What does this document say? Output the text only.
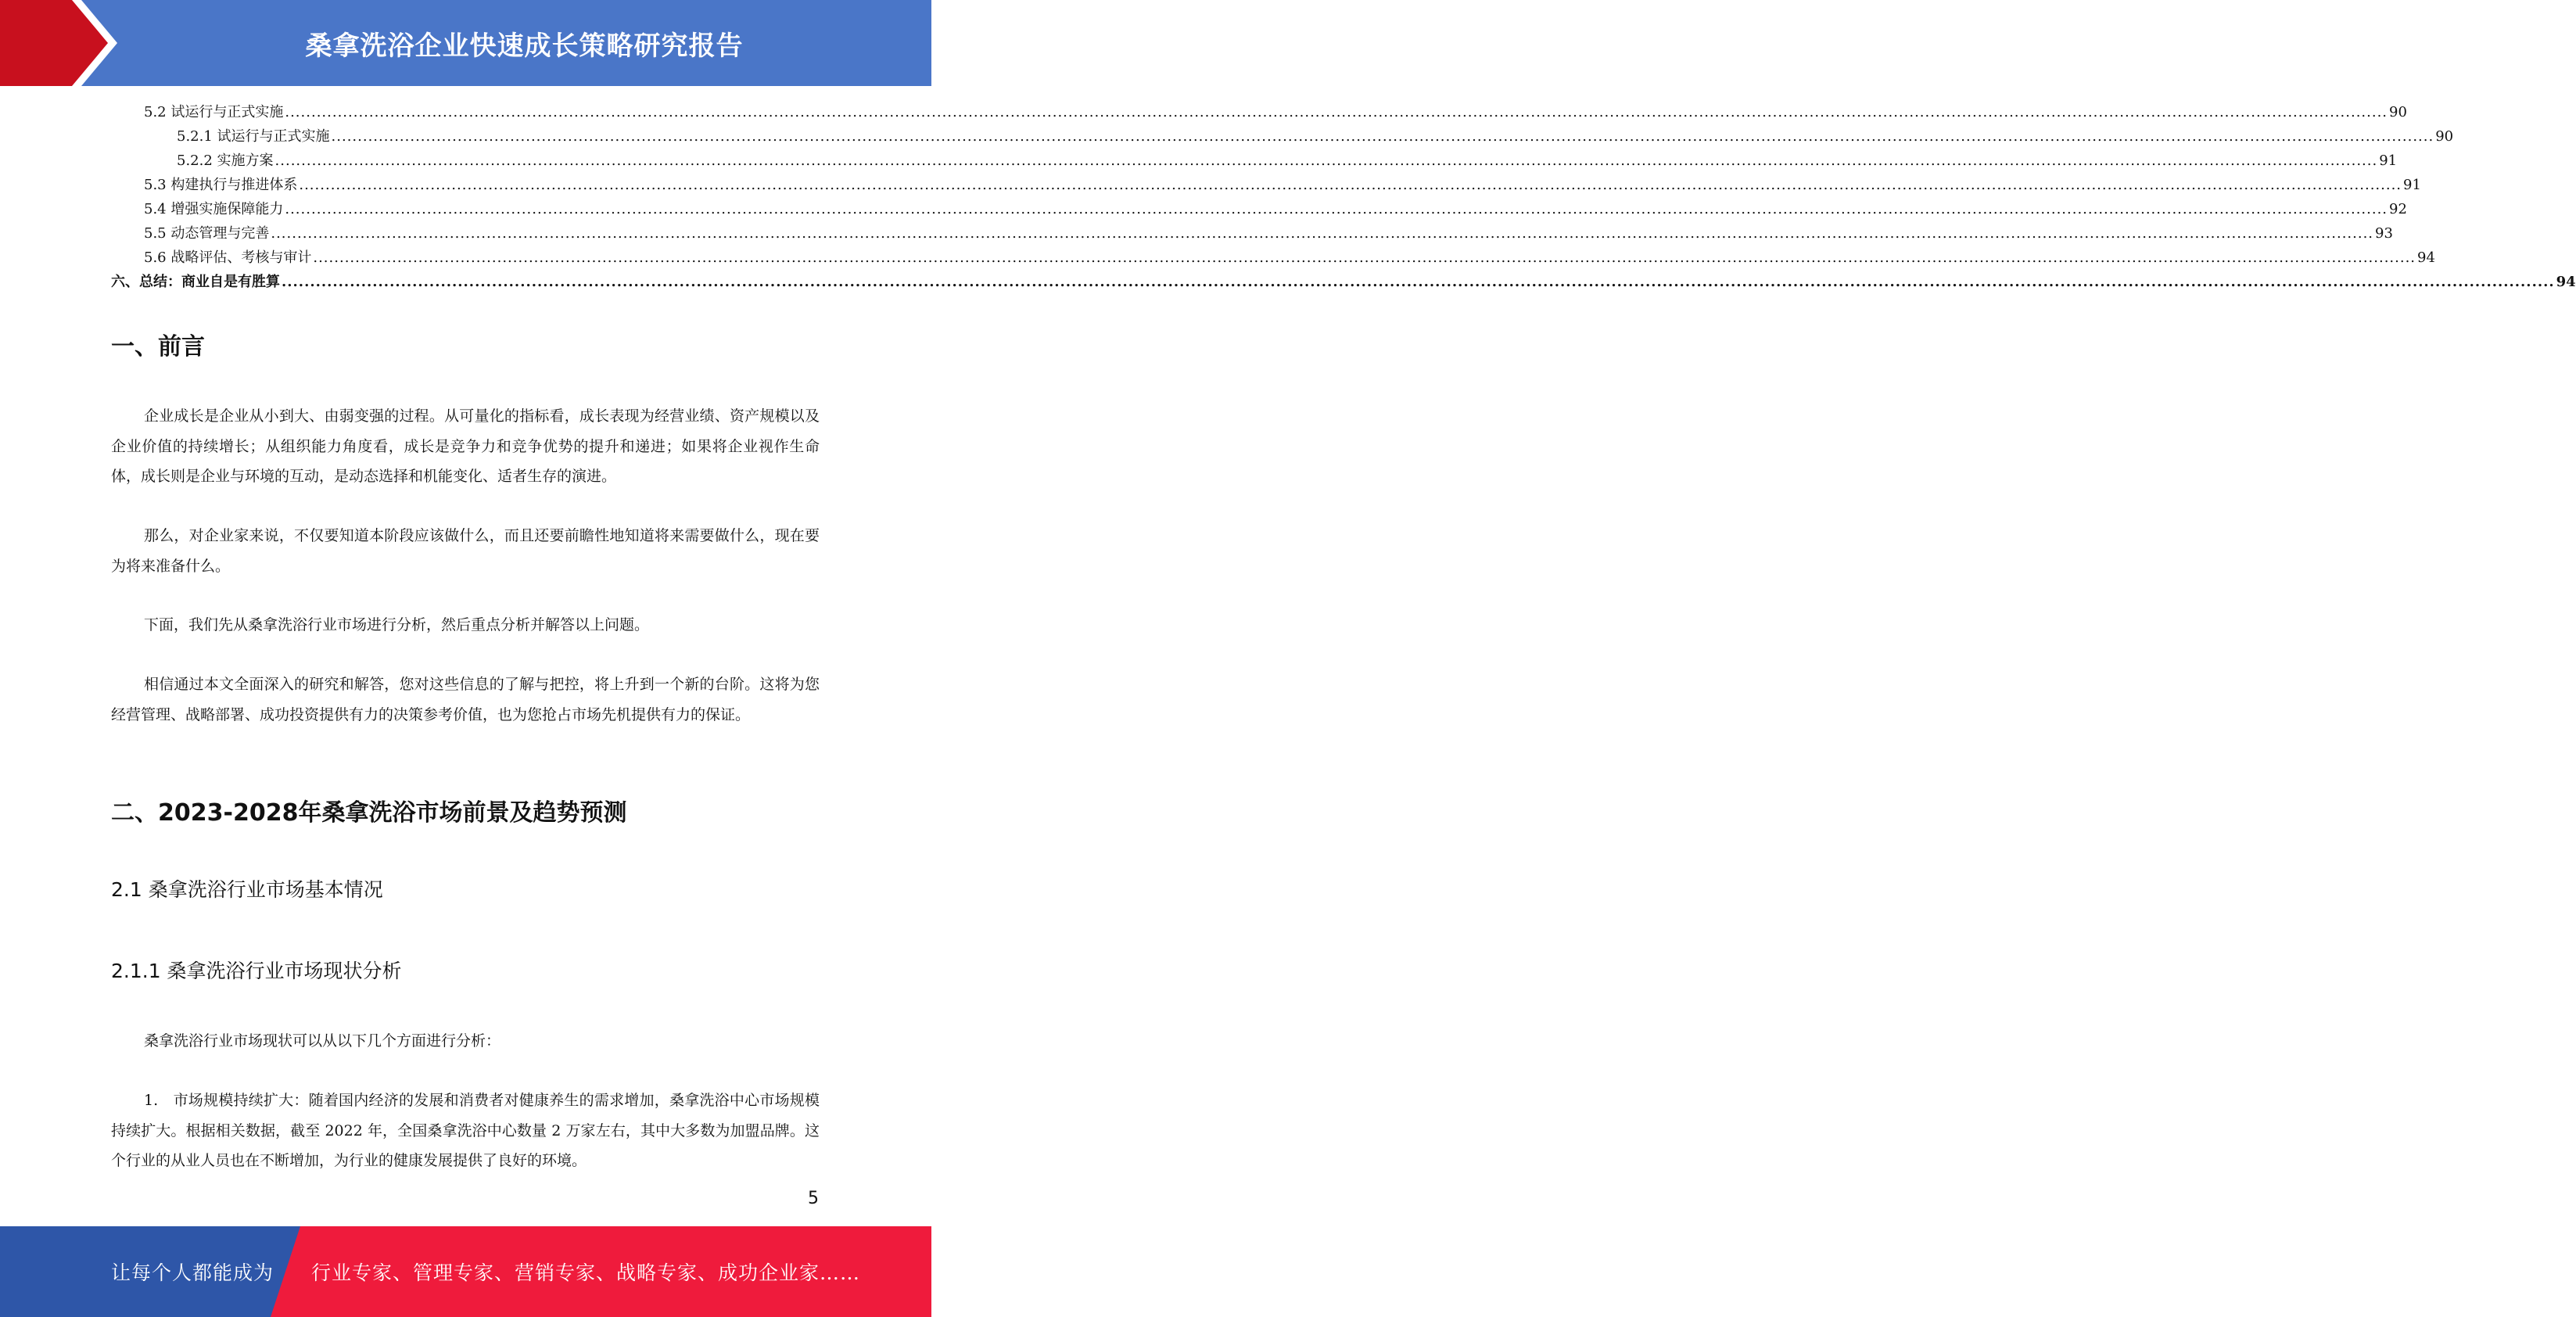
桑拿洗浴企业快速成长策略研究报告
5.2 试运行与正式实施 ................................................................................................................................................................................................................................................................................................................................................................................................................ 90
5.2.1 试运行与正式实施 ................................................................................................................................................................................................................................................................................................................................................................................................................ 90
5.2.2 实施方案 ................................................................................................................................................................................................................................................................................................................................................................................................................ 91
5.3 构建执行与推进体系 ................................................................................................................................................................................................................................................................................................................................................................................................................ 91
5.4 增强实施保障能力 ................................................................................................................................................................................................................................................................................................................................................................................................................ 92
5.5 动态管理与完善 ................................................................................................................................................................................................................................................................................................................................................................................................................ 93
5.6 战略评估、考核与审计 ................................................................................................................................................................................................................................................................................................................................................................................................................ 94
六、总结：商业自是有胜算 ................................................................................................................................................................................................................................................................................................................................................................................................................ 94
一、前言
企业成长是企业从小到大、由弱变强的过程。从可量化的指标看，成长表现为经营业绩、资产规模以及企业价值的持续增长；从组织能力角度看，成长是竞争力和竞争优势的提升和递进；如果将企业视作生命体，成长则是企业与环境的互动，是动态选择和机能变化、适者生存的演进。
那么，对企业家来说，不仅要知道本阶段应该做什么，而且还要前瞻性地知道将来需要做什么，现在要为将来准备什么。
下面，我们先从桑拿洗浴行业市场进行分析，然后重点分析并解答以上问题。
相信通过本文全面深入的研究和解答，您对这些信息的了解与把控，将上升到一个新的台阶。这将为您经营管理、战略部署、成功投资提供有力的决策参考价值，也为您抢占市场先机提供有力的保证。
二、2023-2028年桑拿洗浴市场前景及趋势预测
2.1 桑拿洗浴行业市场基本情况
2.1.1 桑拿洗浴行业市场现状分析
桑拿洗浴行业市场现状可以从以下几个方面进行分析：
1.　市场规模持续扩大：随着国内经济的发展和消费者对健康养生的需求增加，桑拿洗浴中心市场规模持续扩大。根据相关数据，截至 2022 年，全国桑拿洗浴中心数量 2 万家左右，其中大多数为加盟品牌。这个行业的从业人员也在不断增加，为行业的健康发展提供了良好的环境。
5
让每个人都能成为 行业专家、管理专家、营销专家、战略专家、成功企业家……
